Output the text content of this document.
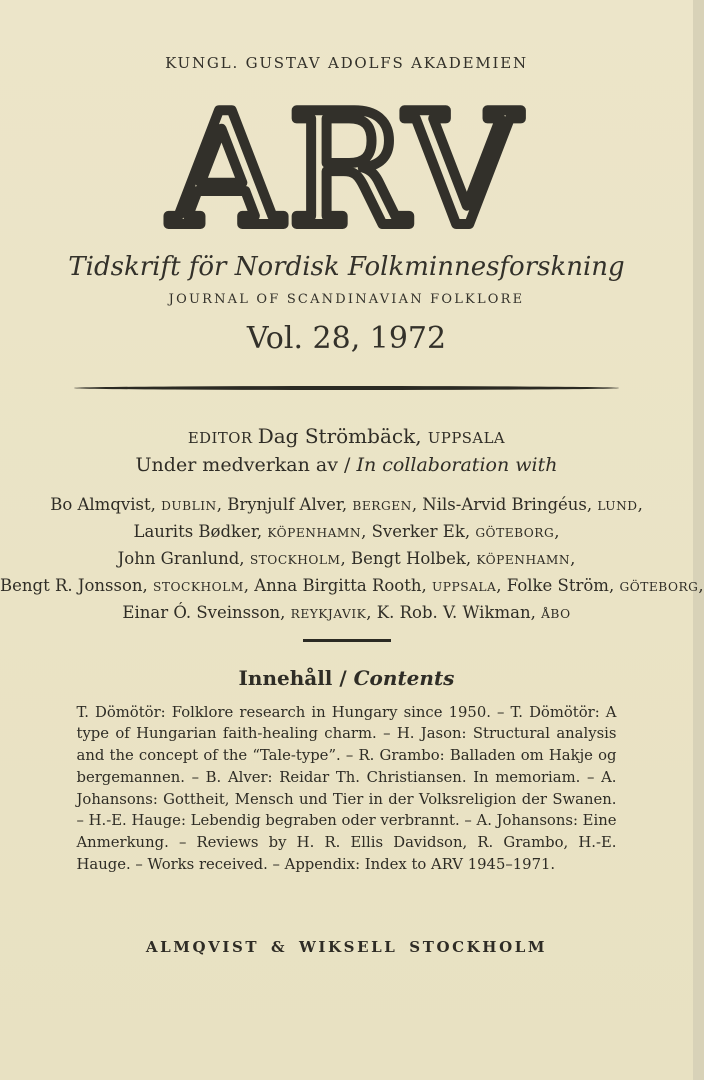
KUNGL. GUSTAV ADOLFS AKADEMIEN
ARV
Tidskrift för Nordisk Folkminnesforskning
JOURNAL OF SCANDINAVIAN FOLKLORE
Vol. 28, 1972
EDITOR Dag Strömbäck, UPPSALA
Under medverkan av / In collaboration with
Bo Almqvist, DUBLIN, Brynjulf Alver, BERGEN, Nils-Arvid Bringéus, LUND,
Laurits Bødker, KÖPENHAMN, Sverker Ek, GÖTEBORG,
John Granlund, STOCKHOLM, Bengt Holbek, KÖPENHAMN,
Bengt R. Jonsson, STOCKHOLM, Anna Birgitta Rooth, UPPSALA, Folke Ström, GÖTEBORG,
Einar Ó. Sveinsson, REYKJAVIK, K. Rob. V. Wikman, ÅBO
Innehåll / Contents
T. Dömötör: Folklore research in Hungary since 1950. – T. Dömötör: A type of Hungarian faith-healing charm. – H. Jason: Structural analysis and the concept of the “Tale-type”. – R. Grambo: Balladen om Hakje og bergemannen. – B. Alver: Reidar Th. Christiansen. In memoriam. – A. Johansons: Gottheit, Mensch und Tier in der Volksreligion der Swanen. – H.-E. Hauge: Lebendig begraben oder verbrannt. – A. Johansons: Eine Anmerkung. – Reviews by H. R. Ellis Davidson, R. Grambo, H.-E. Hauge. – Works received. – Appendix: Index to ARV 1945–1971.
ALMQVIST & WIKSELL STOCKHOLM
